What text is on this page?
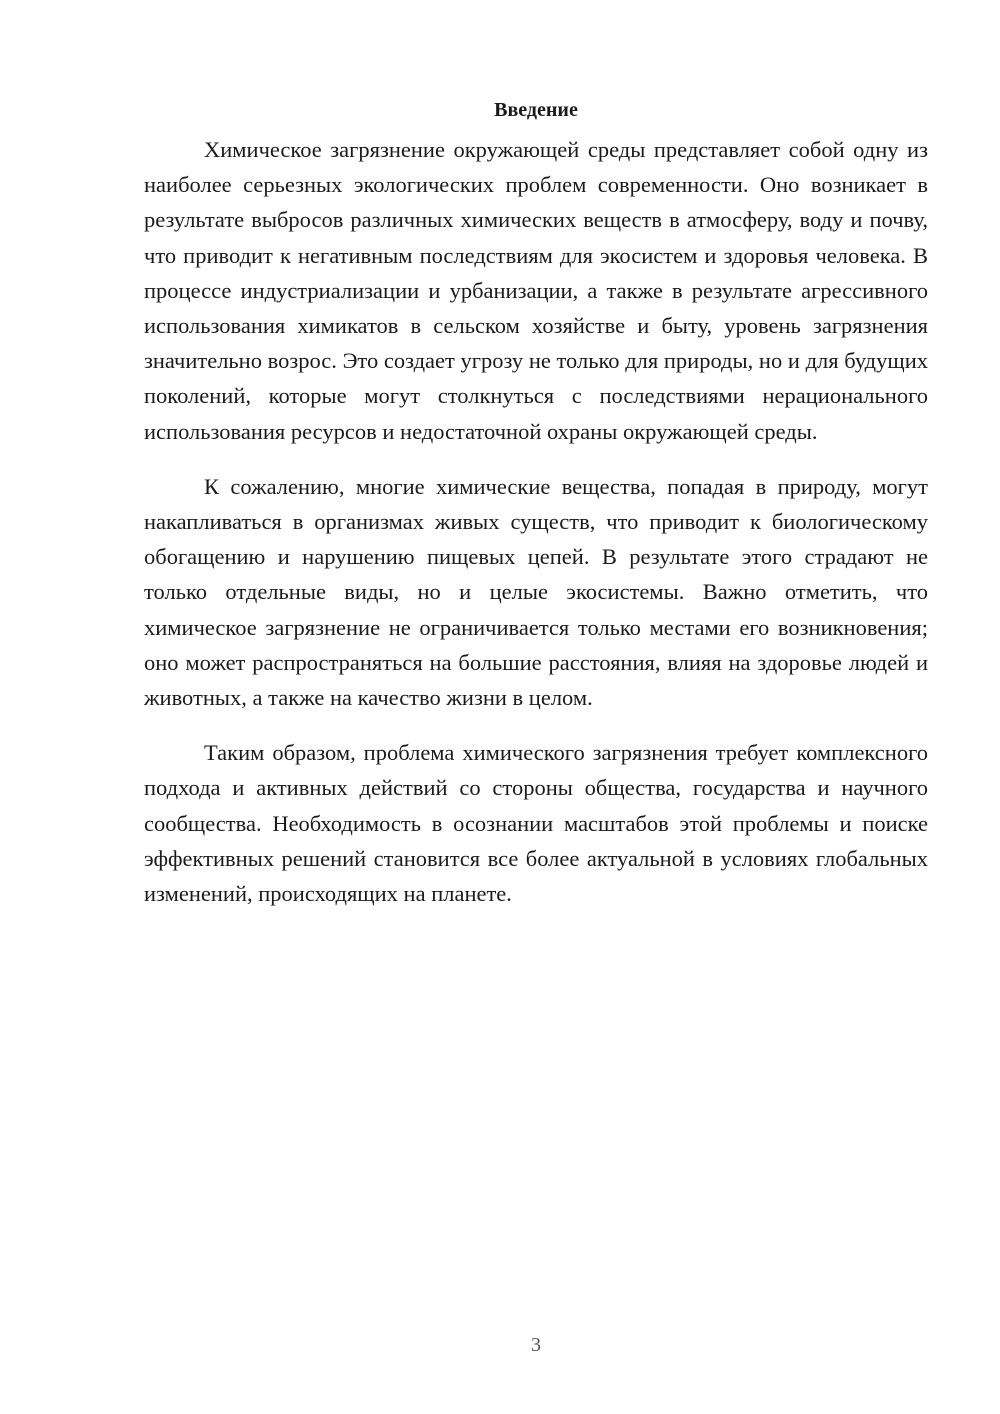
Введение

Химическое загрязнение окружающей среды представляет собой одну из наиболее серьезных экологических проблем современности. Оно возникает в результате выбросов различных химических веществ в атмосферу, воду и почву, что приводит к негативным последствиям для экосистем и здоровья человека. В процессе индустриализации и урбанизации, а также в результате агрессивного использования химикатов в сельском хозяйстве и быту, уровень загрязнения значительно возрос. Это создает угрозу не только для природы, но и для будущих поколений, которые могут столкнуться с последствиями нерационального использования ресурсов и недостаточной охраны окружающей среды.

К сожалению, многие химические вещества, попадая в природу, могут накапливаться в организмах живых существ, что приводит к биологическому обогащению и нарушению пищевых цепей. В результате этого страдают не только отдельные виды, но и целые экосистемы. Важно отметить, что химическое загрязнение не ограничивается только местами его возникновения; оно может распространяться на большие расстояния, влияя на здоровье людей и животных, а также на качество жизни в целом.

Таким образом, проблема химического загрязнения требует комплексного подхода и активных действий со стороны общества, государства и научного сообщества. Необходимость в осознании масштабов этой проблемы и поиске эффективных решений становится все более актуальной в условиях глобальных изменений, происходящих на планете.

3
